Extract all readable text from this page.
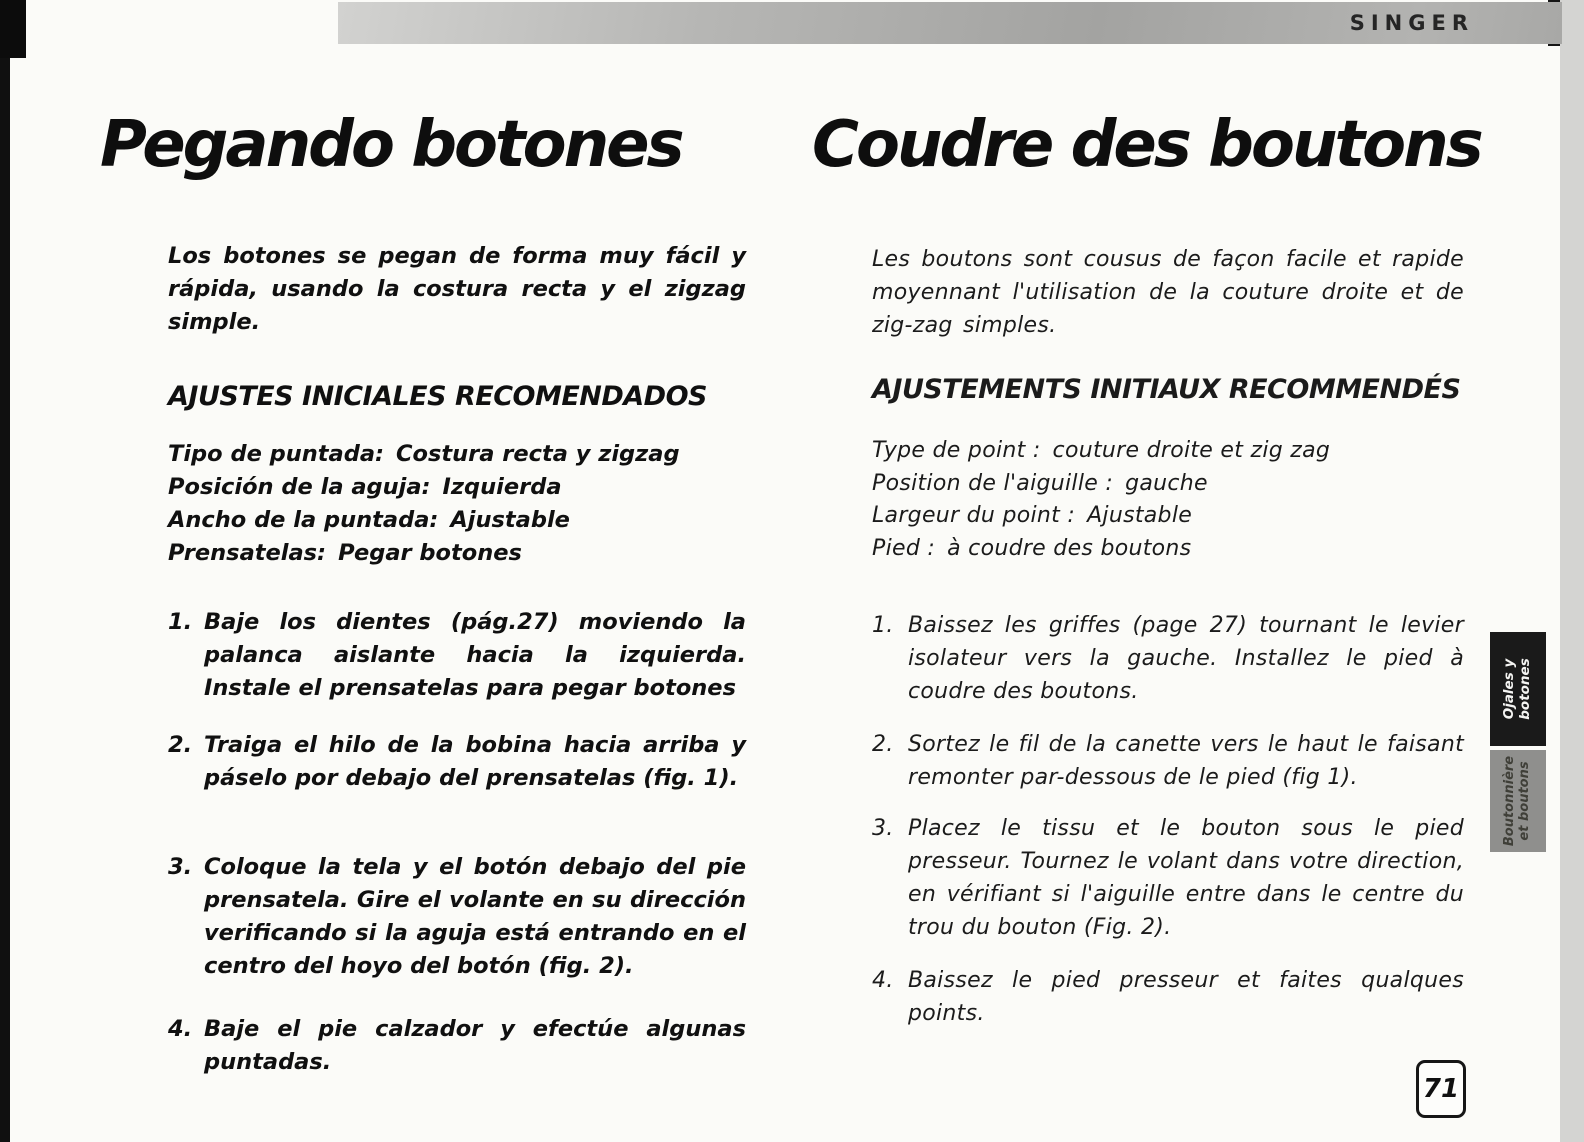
SINGER
Pegando botones Coudre des boutons

Los botones se pegan de forma muy fácil y rápida, usando la costura recta y el zigzag simple.

AJUSTES INICIALES RECOMENDADOS
Tipo de puntada: Costura recta y zigzag
Posición de la aguja: Izquierda
Ancho de la puntada: Ajustable
Prensatelas: Pegar botones
1. Baje los dientes (pág.27) moviendo la palanca aislante hacia la izquierda. Instale el prensatelas para pegar botones
2. Traiga el hilo de la bobina hacia arriba y páselo por debajo del prensatelas (fig. 1).
3. Coloque la tela y el botón debajo del pie prensatela. Gire el volante en su dirección verificando si la aguja está entrando en el centro del hoyo del botón (fig. 2).
4. Baje el pie calzador y efectúe algunas puntadas.

Les boutons sont cousus de façon facile et rapide moyennant l'utilisation de la couture droite et de zig-zag simples.

AJUSTEMENTS INITIAUX RECOMMENDÉS
Type de point : couture droite et zig zag
Position de l'aiguille : gauche
Largeur du point : Ajustable
Pied : à coudre des boutons
1. Baissez les griffes (page 27) tournant le levier isolateur vers la gauche. Installez le pied à coudre des boutons.
2. Sortez le fil de la canette vers le haut le faisant remonter par-dessous de le pied (fig 1).
3. Placez le tissu et le bouton sous le pied presseur. Tournez le volant dans votre direction, en vérifiant si l'aiguille entre dans le centre du trou du bouton (Fig. 2).
4. Baissez le pied presseur et faites qualques points.
Ojales y botones
Boutonnière et boutons
71
